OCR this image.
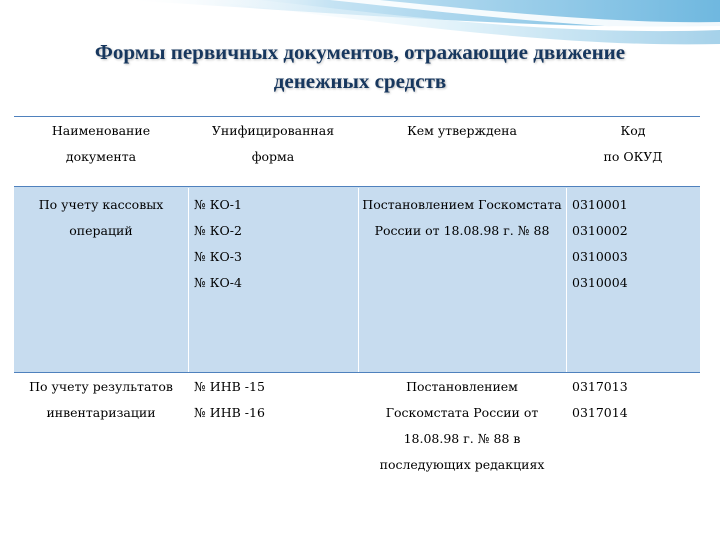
Формы первичных документов, отражающие движение
денежных средств
Наименование
документа
Унифицированная
форма
Кем утверждена	Код
по ОКУД
По учету кассовых
операций
№ КО-1
№ КО-2
№ КО-3
№ КО-4
Постановлением Госкомстата
России от 18.08.98 г. № 88
0310001
0310002
0310003
0310004
По учету результатов
инвентаризации
№ ИНВ -15
№ ИНВ -16
Постановлением
Госкомстата России от
18.08.98 г. № 88 в
последующих редакциях
0317013
0317014
